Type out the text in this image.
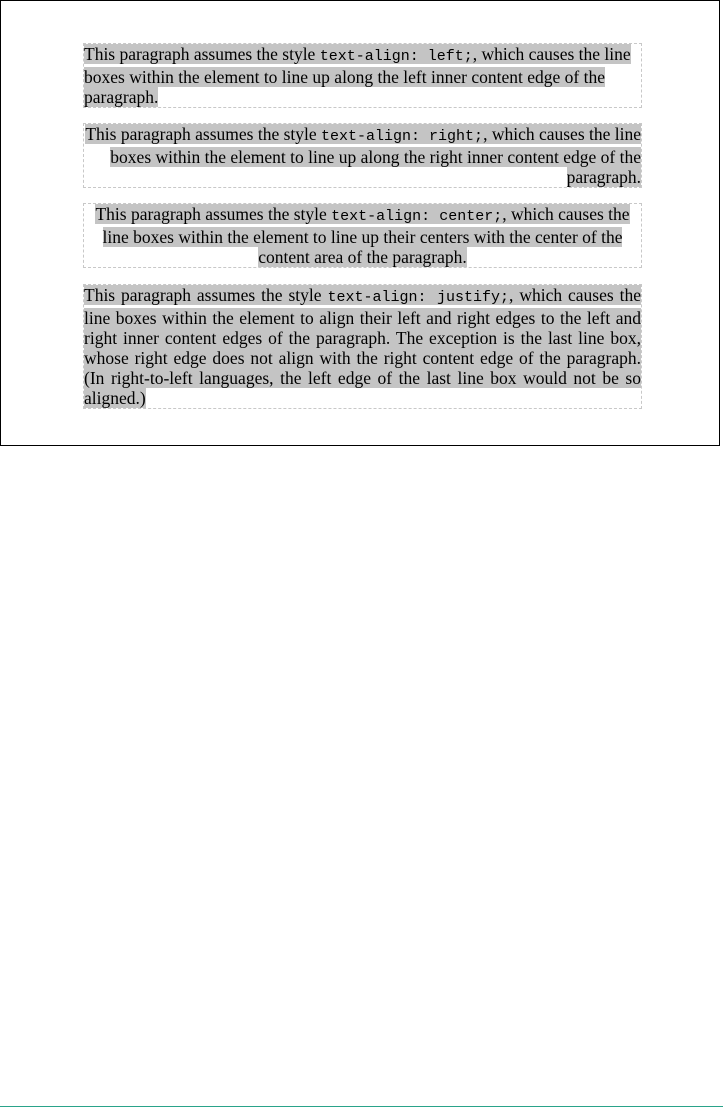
This paragraph assumes the style text-align: left;, which causes the line boxes within the element to line up along the left inner content edge of the paragraph.

This paragraph assumes the style text-align: right;, which causes the line boxes within the element to line up along the right inner content edge of the paragraph.

This paragraph assumes the style text-align: center;, which causes the line boxes within the element to line up their centers with the center of the content area of the paragraph.

This paragraph assumes the style text-align: justify;, which causes the line boxes within the element to align their left and right edges to the left and right inner content edges of the paragraph. The exception is the last line box, whose right edge does not align with the right content edge of the paragraph. (In right-to-left languages, the left edge of the last line box would not be so aligned.)
